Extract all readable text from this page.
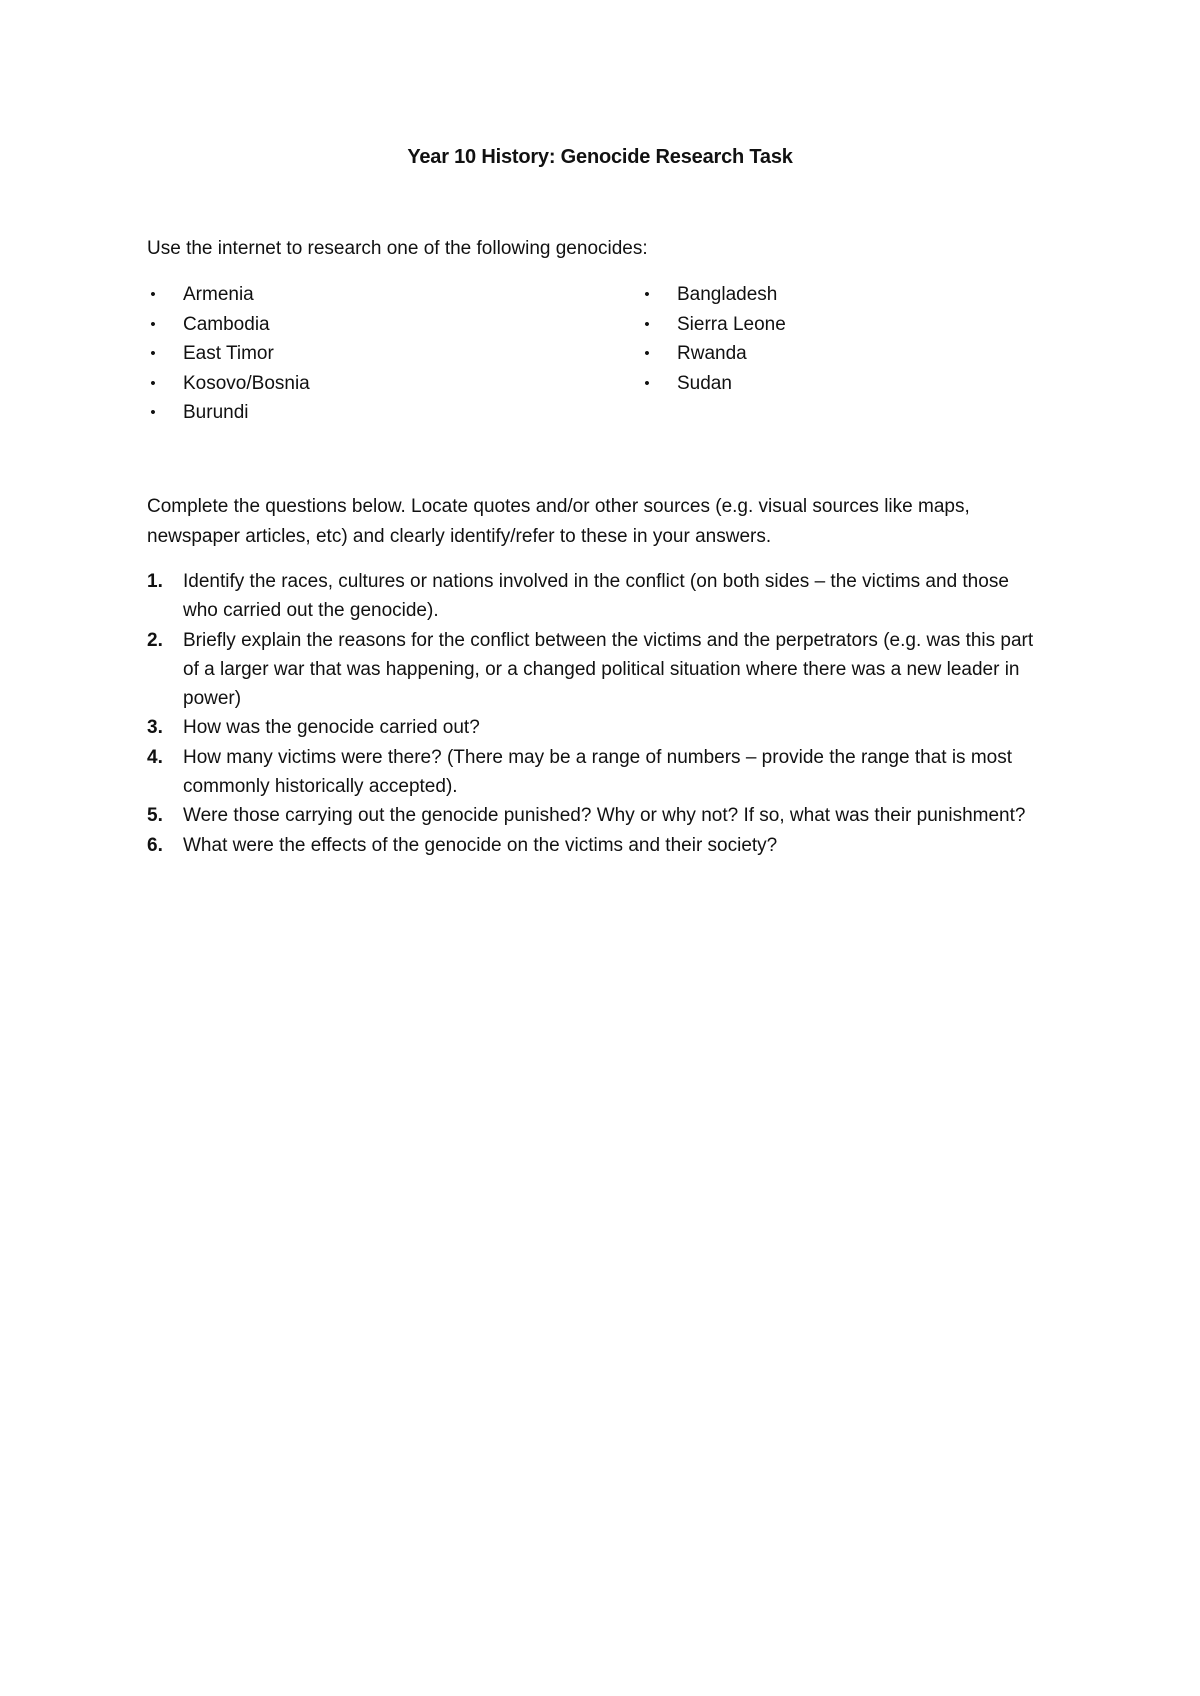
Year 10 History: Genocide Research Task
Use the internet to research one of the following genocides:
• Armenia
• Cambodia
• East Timor
• Kosovo/Bosnia
• Burundi
• Bangladesh
• Sierra Leone
• Rwanda
• Sudan
Complete the questions below. Locate quotes and/or other sources (e.g. visual sources like maps, newspaper articles, etc) and clearly identify/refer to these in your answers.
1. Identify the races, cultures or nations involved in the conflict (on both sides – the victims and those who carried out the genocide).
2. Briefly explain the reasons for the conflict between the victims and the perpetrators (e.g. was this part of a larger war that was happening, or a changed political situation where there was a new leader in power)
3. How was the genocide carried out?
4. How many victims were there? (There may be a range of numbers – provide the range that is most commonly historically accepted).
5. Were those carrying out the genocide punished? Why or why not? If so, what was their punishment?
6. What were the effects of the genocide on the victims and their society?
